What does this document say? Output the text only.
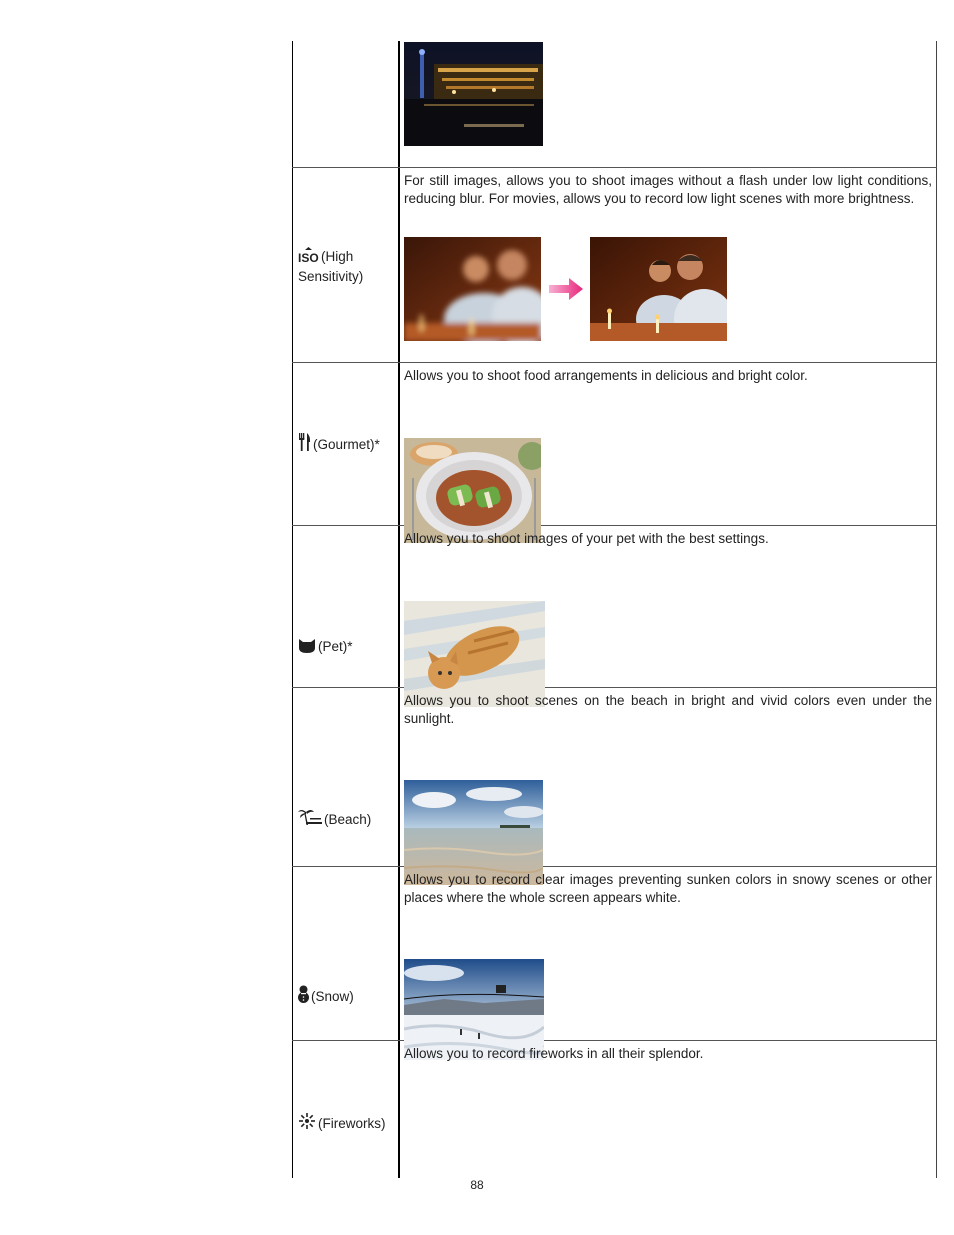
ISO (High Sensitivity)
For still images, allows you to shoot images without a flash under low light conditions, reducing blur. For movies, allows you to record low light scenes with more brightness.
(Gourmet)*
Allows you to shoot food arrangements in delicious and bright color.
(Pet)*
Allows you to shoot images of your pet with the best settings.
(Beach)
Allows you to shoot scenes on the beach in bright and vivid colors even under the sunlight.
(Snow)
Allows you to record clear images preventing sunken colors in snowy scenes or other places where the whole screen appears white.
(Fireworks)
Allows you to record fireworks in all their splendor.
88
